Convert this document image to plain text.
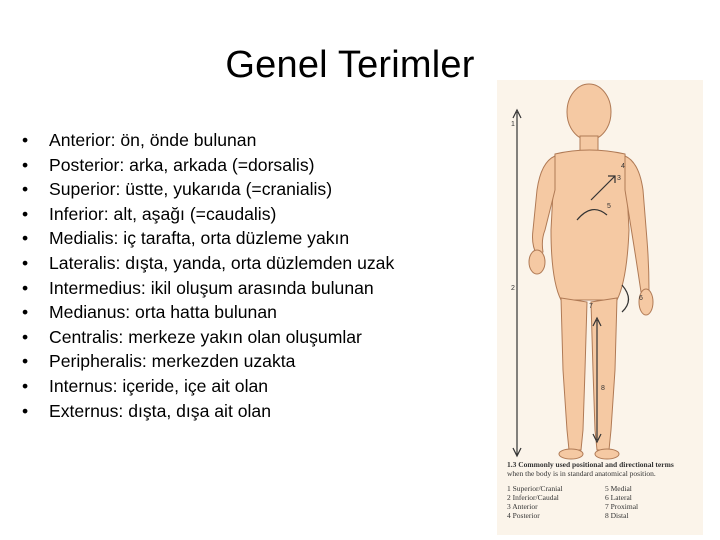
Genel Terimler
• Anterior: ön, önde bulunan
• Posterior: arka, arkada (=dorsalis)
• Superior: üstte, yukarıda (=cranialis)
• Inferior: alt, aşağı (=caudalis)
• Medialis: iç tarafta, orta düzleme yakın
• Lateralis: dışta, yanda, orta düzlemden uzak
• Intermedius: ikil oluşum arasında bulunan
• Medianus: orta hatta bulunan
• Centralis: merkeze yakın olan oluşumlar
• Peripheralis: merkezden uzakta
• Internus: içeride, içe ait olan
• Externus: dışta, dışa ait olan
1
2
3
4
5
6
7
8
1.3 Commonly used positional and directional terms
when the body is in standard anatomical position.
1 Superior/Cranial	5 Medial
2 Inferior/Caudal	6 Lateral
3 Anterior	7 Proximal
4 Posterior	8 Distal
